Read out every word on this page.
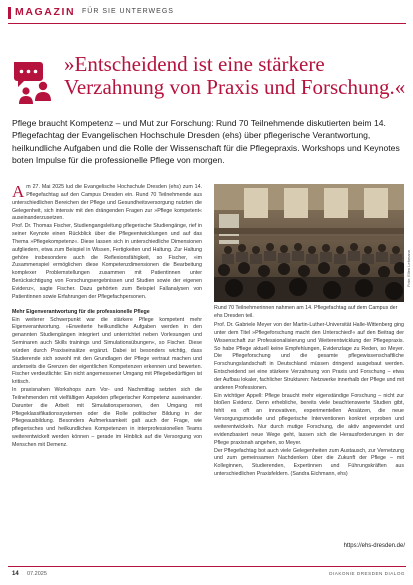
MAGAZIN FÜR SIE UNTERWEGS
»Entscheidend ist eine stärkere Verzahnung von Praxis und Forschung.«
Pflege braucht Kompetenz – und Mut zur Forschung: Rund 70 Teilnehmende diskutierten beim 14. Pflegefachtag der Evangelischen Hochschule Dresden (ehs) über pflegerische Verantwortung, heilkundliche Aufgaben und die Rolle der Wissenschaft für die Pflegepraxis. Workshops und Keynotes boten Impulse für die professionelle Pflege von morgen.

Am 27. Mai 2025 lud die Evangelische Hochschule Dresden (ehs) zum 14. Pflegefachtag auf den Campus Dresden ein. Rund 70 Teilnehmende aus unterschiedlichen Bereichen der Pflege und Gesundheitsversorgung nutzten die Gelegenheit, sich intensiv mit den drängenden Fragen zur »Pflege kompetent« auseinanderzusetzen.

Prof. Dr. Thomas Fischer, Studiengangsleitung pflegerische Studiengänge, rief in seiner Keynote einen Rückblick über die Pflegeentwicklungen und auf das Thema »Pflegekompetenz«. Diese lassen sich in unterschiedliche Dimensionen aufgliedern, etwa zum Beispiel in Wissen, Fertigkeiten und Haltung. Zur Haltung gehöre insbesondere auch die Reflexionsfähigkeit, so Fischer, »im Zusammenspiel ermöglichen diese Kompetenzdimensionen die Bearbeitung komplexer Problemstellungen zusammen mit Patientinnen unter Berücksichtigung von Forschungsergebnissen und Studien sowie der eigenen Evidenz«, sagte Fischer. Dazu gehörten zum Beispiel Fallanalysen von Patientinnen sowie Erfahrungen der Pflegefachpersonen.

Mehr Eigenverantwortung für die professionelle Pflege

Ein weiterer Schwerpunkt war die stärkere Pflege kompetent mehr Eigenverantwortung. »Erweiterte heilkundliche Aufgaben werden in den genannten Studiengängen integriert und unterrichtet neben Vorlesungen und Seminaren auch Skills trainings und Simulationsübungen«, so Fischer. Diese würden durch Praxiseinsätze ergänzt. Dabei ist besonders wichtig, dass Studierende sich sowohl mit den Grundlagen der Pflege vertraut machen und anderseits die Grenzen der eigentlichen Kompetenzen erkennen und bewerten. Fischer verdeutlichte: Ein nicht angemessener Umgang mit Pflegebedürftigen ist kritisch.

In praxisnahen Workshops zum Vor- und Nachmittag setzten sich die Teilnehmenden mit vielfältigen Aspekten pflegerischer Kompetenz auseinander. Darunter die Arbeit mit Simulationspersonen, den Umgang mit Pflegeklassifikationssystemen oder die Rolle politischer Bildung in der Pflegeausbildung. Besonders Aufmerksamkeit galt auch der Frage, wie pflegerisches und heilkundliches Kompetenzen in interprofessionellen Teams weiterentwickelt werden können – gerade im Hinblick auf die Versorgung von Menschen mit Demenz.

Foto: Ellen Lehmann
Rund 70 Teilnehmerinnen nahmen am 14. Pflegefachtag auf dem Campus der ehs Dresden teil.

Prof. Dr. Gabriele Meyer von der Martin-Luther-Universität Halle-Wittenberg ging unter dem Titel »Pflegeforschung macht den Unterschied!« auf den Beitrag der Wissenschaft zur Professionalisierung und Weiterentwicklung der Pflegepraxis. So habe Pflege aktuell keine Empfehlungen, Evidenzlage zu Reden, so Meyer. Die Pflegeforschung und die gesamte pflegewissenschaftliche Forschungslandschaft in Deutschland müssen dringend ausgebaut werden. Entscheidend sei eine stärkere Verzahnung von Praxis und Forschung – etwa der Aufbau lokaler, fachlicher Strukturen: Netzwerke innerhalb der Pflege und mit anderen Professionen.

Ein wichtiger Appell: Pflege braucht mehr eigenständige Forschung – nicht zur bloßen Evidenz. Denn erhebliche, bereits viele beachtenswerte Studien gibt, fehlt es oft an innovativen, experimentellen Ansätzen, die neue Versorgungsmodelle und pflegerische Interventionen konkret erproben und weiterentwickeln. Nur durch mutige Forschung, die aktiv angewendet und evidenzbasiert neue Wege geht, lassen sich die Herausforderungen in der Pflege praxisnah angehen, so Meyer.

Der Pflegefachtag bot auch viele Gelegenheiten zum Austausch, zur Vernetzung und zum gemeinsamen Nachdenken über die Zukunft der Pflege – mit Kolleginnen, Studierenden, Expertinnen und Führungskräften aus unterschiedlichen Praxisfeldern. (Sandra Eichmann, ehs)

https://ehs-dresden.de/
14 07.2025	DIAKONIE DRESDEN DIALOG
